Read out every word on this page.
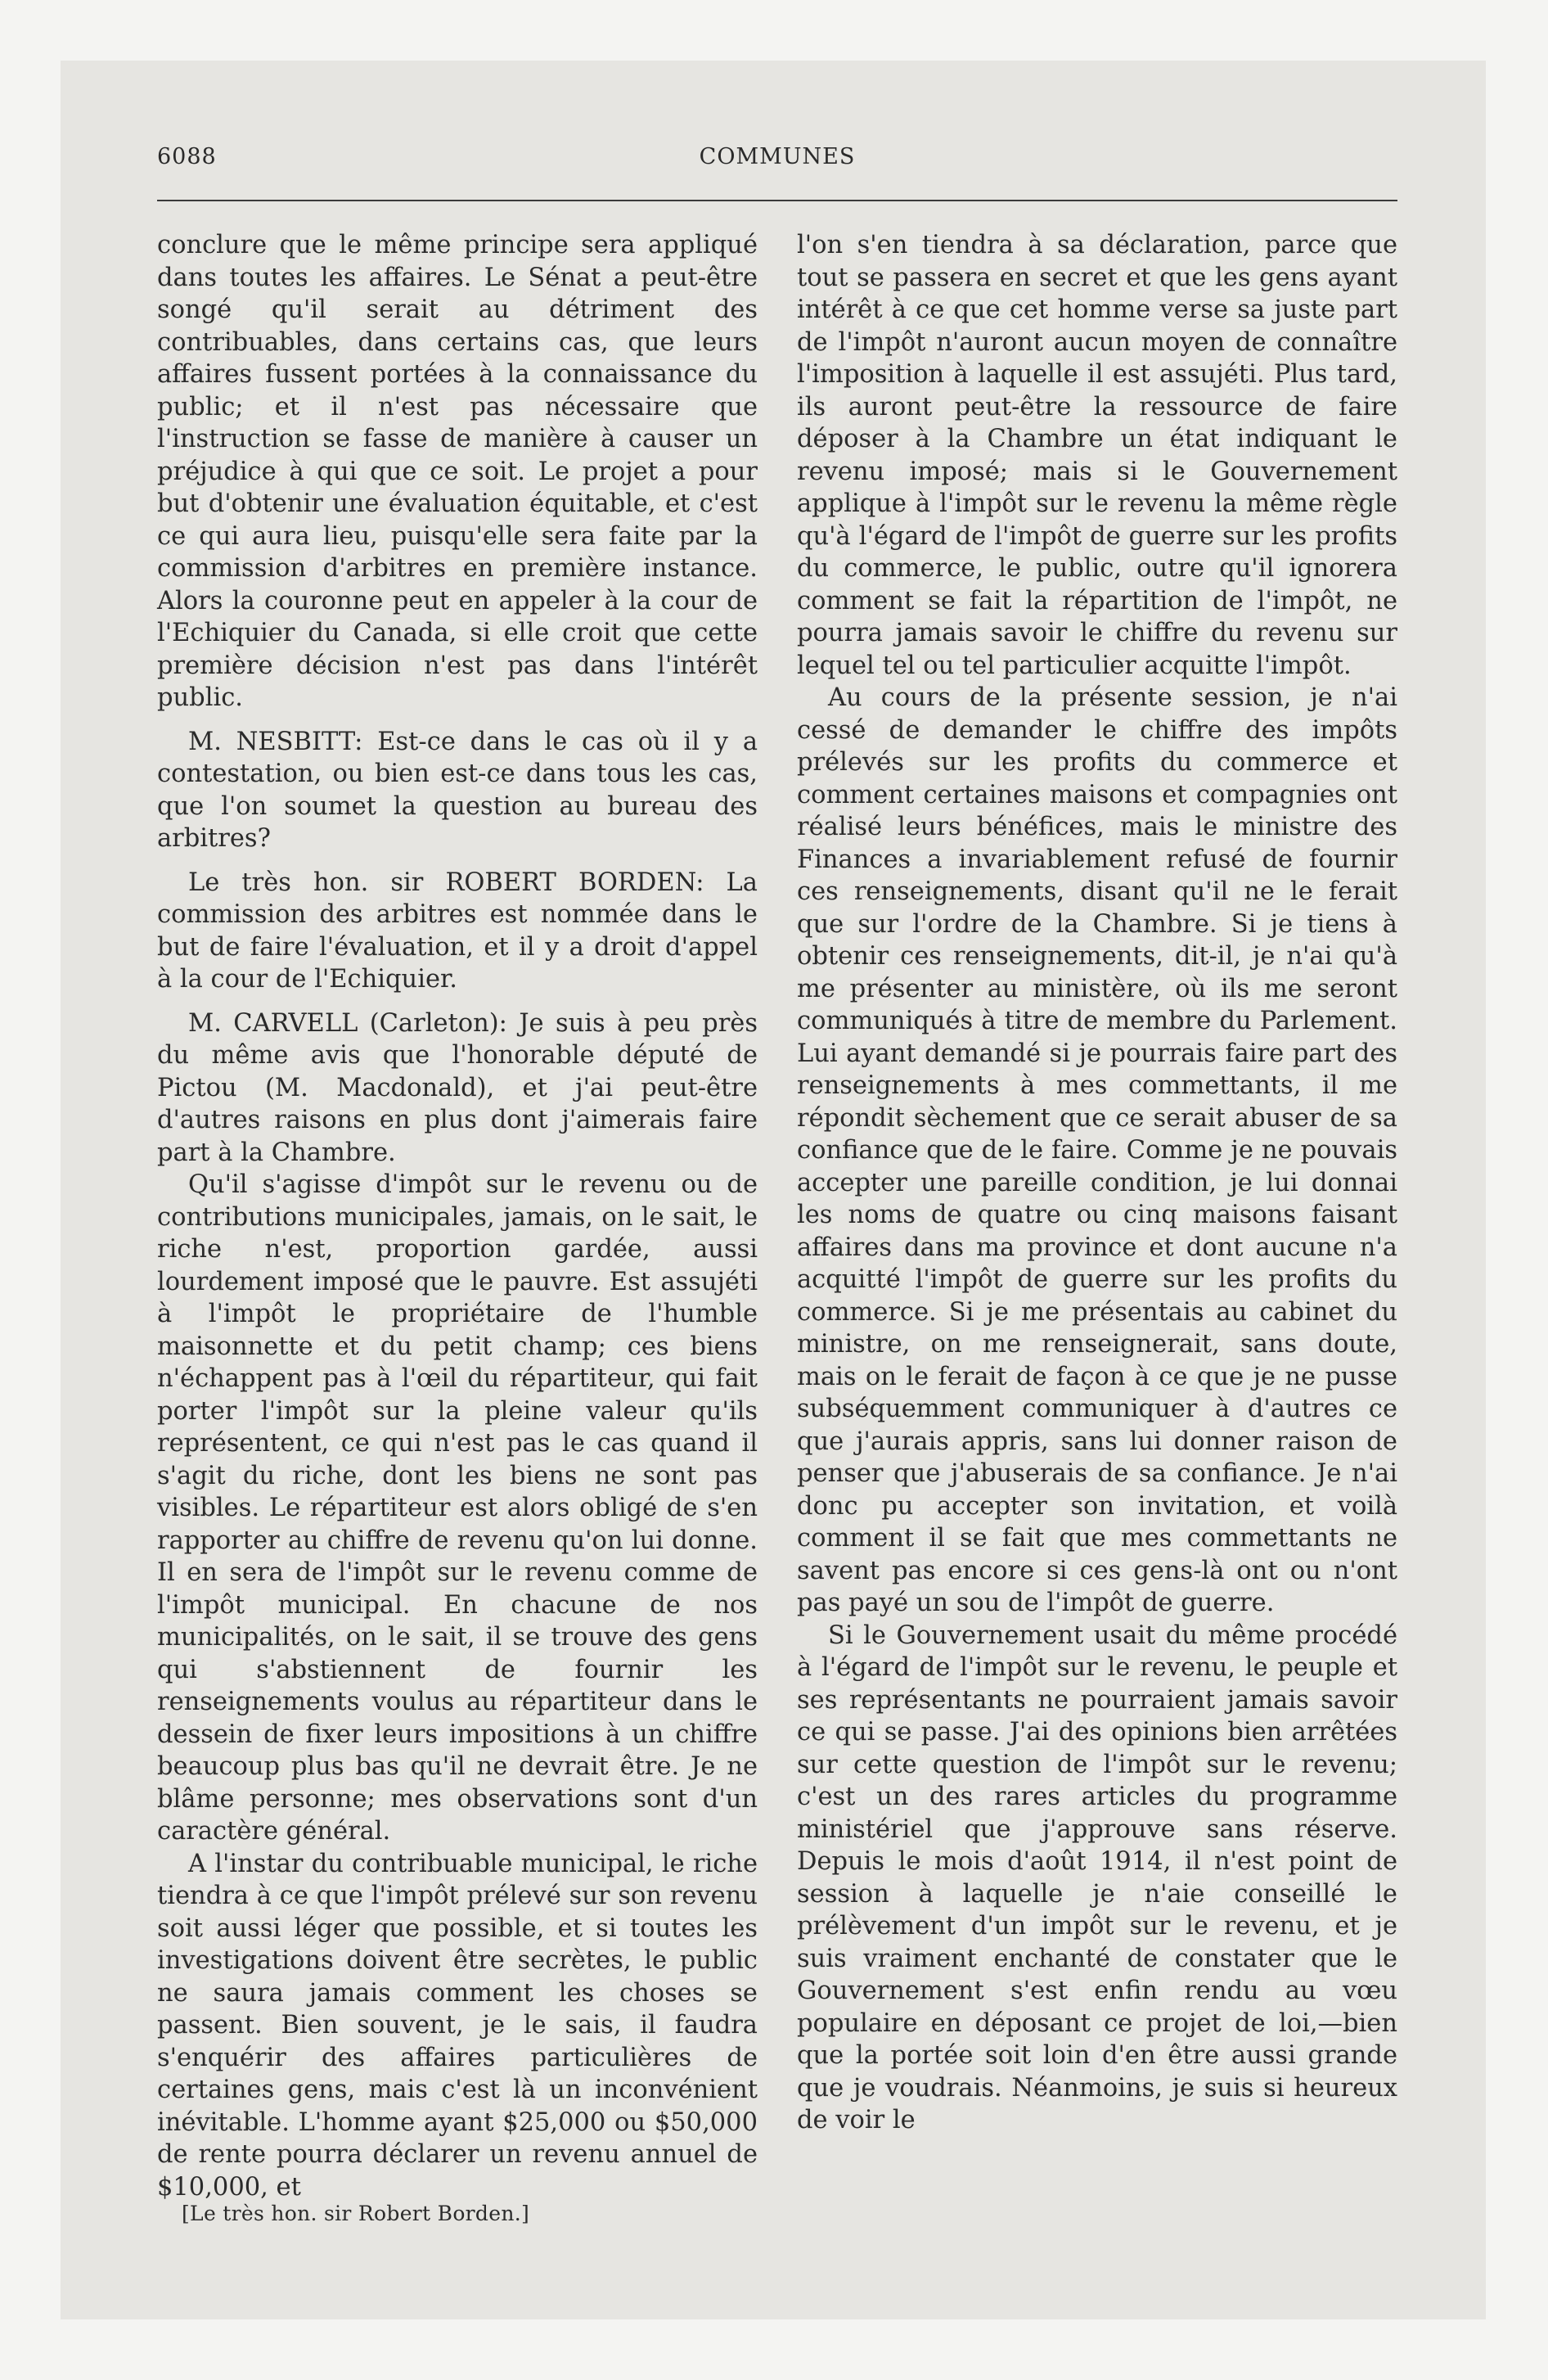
6088	COMMUNES

conclure que le même principe sera appliqué dans toutes les affaires. Le Sénat a peut-être songé qu'il serait au détriment des contribuables, dans certains cas, que leurs affaires fussent portées à la connaissance du public; et il n'est pas nécessaire que l'instruction se fasse de manière à causer un préjudice à qui que ce soit. Le projet a pour but d'obtenir une évaluation équitable, et c'est ce qui aura lieu, puisqu'elle sera faite par la commission d'arbitres en première instance. Alors la couronne peut en appeler à la cour de l'Echiquier du Canada, si elle croit que cette première décision n'est pas dans l'intérêt public.

M. NESBITT: Est-ce dans le cas où il y a contestation, ou bien est-ce dans tous les cas, que l'on soumet la question au bureau des arbitres?

Le très hon. sir ROBERT BORDEN: La commission des arbitres est nommée dans le but de faire l'évaluation, et il y a droit d'appel à la cour de l'Echiquier.

M. CARVELL (Carleton): Je suis à peu près du même avis que l'honorable député de Pictou (M. Macdonald), et j'ai peut-être d'autres raisons en plus dont j'aimerais faire part à la Chambre.

Qu'il s'agisse d'impôt sur le revenu ou de contributions municipales, jamais, on le sait, le riche n'est, proportion gardée, aussi lourdement imposé que le pauvre. Est assujéti à l'impôt le propriétaire de l'humble maisonnette et du petit champ; ces biens n'échappent pas à l'œil du répartiteur, qui fait porter l'impôt sur la pleine valeur qu'ils représentent, ce qui n'est pas le cas quand il s'agit du riche, dont les biens ne sont pas visibles. Le répartiteur est alors obligé de s'en rapporter au chiffre de revenu qu'on lui donne. Il en sera de l'impôt sur le revenu comme de l'impôt municipal. En chacune de nos municipalités, on le sait, il se trouve des gens qui s'abstiennent de fournir les renseignements voulus au répartiteur dans le dessein de fixer leurs impositions à un chiffre beaucoup plus bas qu'il ne devrait être. Je ne blâme personne; mes observations sont d'un caractère général.

A l'instar du contribuable municipal, le riche tiendra à ce que l'impôt prélevé sur son revenu soit aussi léger que possible, et si toutes les investigations doivent être secrètes, le public ne saura jamais comment les choses se passent. Bien souvent, je le sais, il faudra s'enquérir des affaires particulières de certaines gens, mais c'est là un inconvénient inévitable. L'homme ayant $25,000 ou $50,000 de rente pourra déclarer un revenu annuel de $10,000, et

l'on s'en tiendra à sa déclaration, parce que tout se passera en secret et que les gens ayant intérêt à ce que cet homme verse sa juste part de l'impôt n'auront aucun moyen de connaître l'imposition à laquelle il est assujéti. Plus tard, ils auront peut-être la ressource de faire déposer à la Chambre un état indiquant le revenu imposé; mais si le Gouvernement applique à l'impôt sur le revenu la même règle qu'à l'égard de l'impôt de guerre sur les profits du commerce, le public, outre qu'il ignorera comment se fait la répartition de l'impôt, ne pourra jamais savoir le chiffre du revenu sur lequel tel ou tel particulier acquitte l'impôt.

Au cours de la présente session, je n'ai cessé de demander le chiffre des impôts prélevés sur les profits du commerce et comment certaines maisons et compagnies ont réalisé leurs bénéfices, mais le ministre des Finances a invariablement refusé de fournir ces renseignements, disant qu'il ne le ferait que sur l'ordre de la Chambre. Si je tiens à obtenir ces renseignements, dit-il, je n'ai qu'à me présenter au ministère, où ils me seront communiqués à titre de membre du Parlement. Lui ayant demandé si je pourrais faire part des renseignements à mes commettants, il me répondit sèchement que ce serait abuser de sa confiance que de le faire. Comme je ne pouvais accepter une pareille condition, je lui donnai les noms de quatre ou cinq maisons faisant affaires dans ma province et dont aucune n'a acquitté l'impôt de guerre sur les profits du commerce. Si je me présentais au cabinet du ministre, on me renseignerait, sans doute, mais on le ferait de façon à ce que je ne pusse subséquemment communiquer à d'autres ce que j'aurais appris, sans lui donner raison de penser que j'abuserais de sa confiance. Je n'ai donc pu accepter son invitation, et voilà comment il se fait que mes commettants ne savent pas encore si ces gens-là ont ou n'ont pas payé un sou de l'impôt de guerre.

Si le Gouvernement usait du même procédé à l'égard de l'impôt sur le revenu, le peuple et ses représentants ne pourraient jamais savoir ce qui se passe. J'ai des opinions bien arrêtées sur cette question de l'impôt sur le revenu; c'est un des rares articles du programme ministériel que j'approuve sans réserve. Depuis le mois d'août 1914, il n'est point de session à laquelle je n'aie conseillé le prélèvement d'un impôt sur le revenu, et je suis vraiment enchanté de constater que le Gouvernement s'est enfin rendu au vœu populaire en déposant ce projet de loi,—bien que la portée soit loin d'en être aussi grande que je voudrais. Néanmoins, je suis si heureux de voir le

[Le très hon. sir Robert Borden.]
